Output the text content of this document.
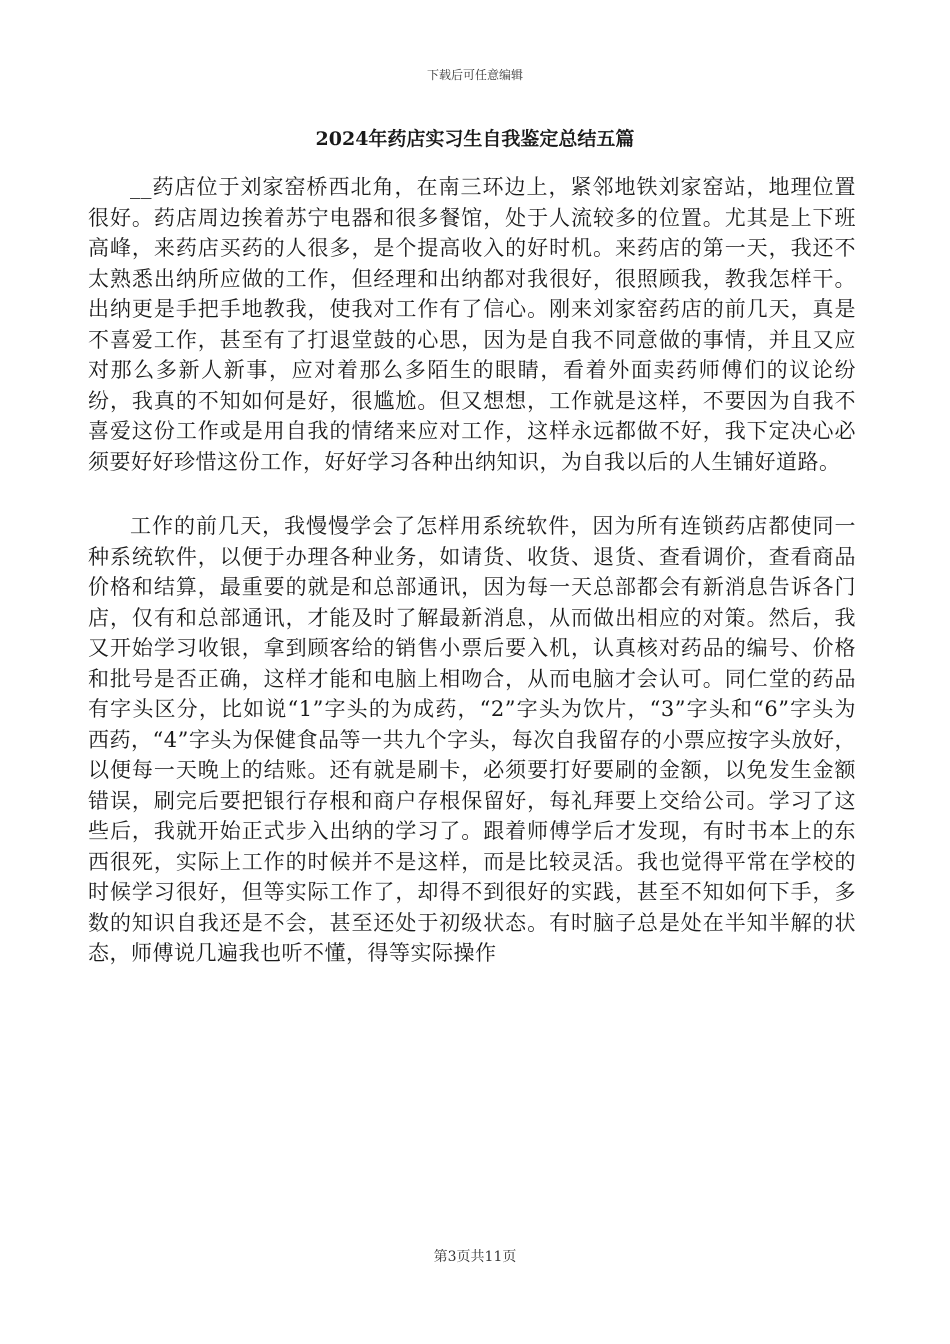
下载后可任意编辑
2024年药店实习生自我鉴定总结五篇

__药店位于刘家窑桥西北角，在南三环边上，紧邻地铁刘家窑站，地理位置很好。药店周边挨着苏宁电器和很多餐馆，处于人流较多的位置。尤其是上下班高峰，来药店买药的人很多，是个提高收入的好时机。来药店的第一天，我还不太熟悉出纳所应做的工作，但经理和出纳都对我很好，很照顾我，教我怎样干。出纳更是手把手地教我，使我对工作有了信心。刚来刘家窑药店的前几天，真是不喜爱工作，甚至有了打退堂鼓的心思，因为是自我不同意做的事情，并且又应对那么多新人新事，应对着那么多陌生的眼睛，看着外面卖药师傅们的议论纷纷，我真的不知如何是好，很尴尬。但又想想，工作就是这样，不要因为自我不喜爱这份工作或是用自我的情绪来应对工作，这样永远都做不好，我下定决心必须要好好珍惜这份工作，好好学习各种出纳知识，为自我以后的人生铺好道路。

工作的前几天，我慢慢学会了怎样用系统软件，因为所有连锁药店都使同一种系统软件，以便于办理各种业务，如请货、收货、退货、查看调价，查看商品价格和结算，最重要的就是和总部通讯，因为每一天总部都会有新消息告诉各门店，仅有和总部通讯，才能及时了解最新消息，从而做出相应的对策。然后，我又开始学习收银，拿到顾客给的销售小票后要入机，认真核对药品的编号、价格和批号是否正确，这样才能和电脑上相吻合，从而电脑才会认可。同仁堂的药品有字头区分，比如说“1”字头的为成药，“2”字头为饮片，“3”字头和“6”字头为西药，“4”字头为保健食品等一共九个字头，每次自我留存的小票应按字头放好，以便每一天晚上的结账。还有就是刷卡，必须要打好要刷的金额，以免发生金额错误，刷完后要把银行存根和商户存根保留好，每礼拜要上交给公司。学习了这些后，我就开始正式步入出纳的学习了。跟着师傅学后才发现，有时书本上的东西很死，实际上工作的时候并不是这样，而是比较灵活。我也觉得平常在学校的时候学习很好，但等实际工作了，却得不到很好的实践，甚至不知如何下手，多数的知识自我还是不会，甚至还处于初级状态。有时脑子总是处在半知半解的状态，师傅说几遍我也听不懂，得等实际操作

第3页共11页
